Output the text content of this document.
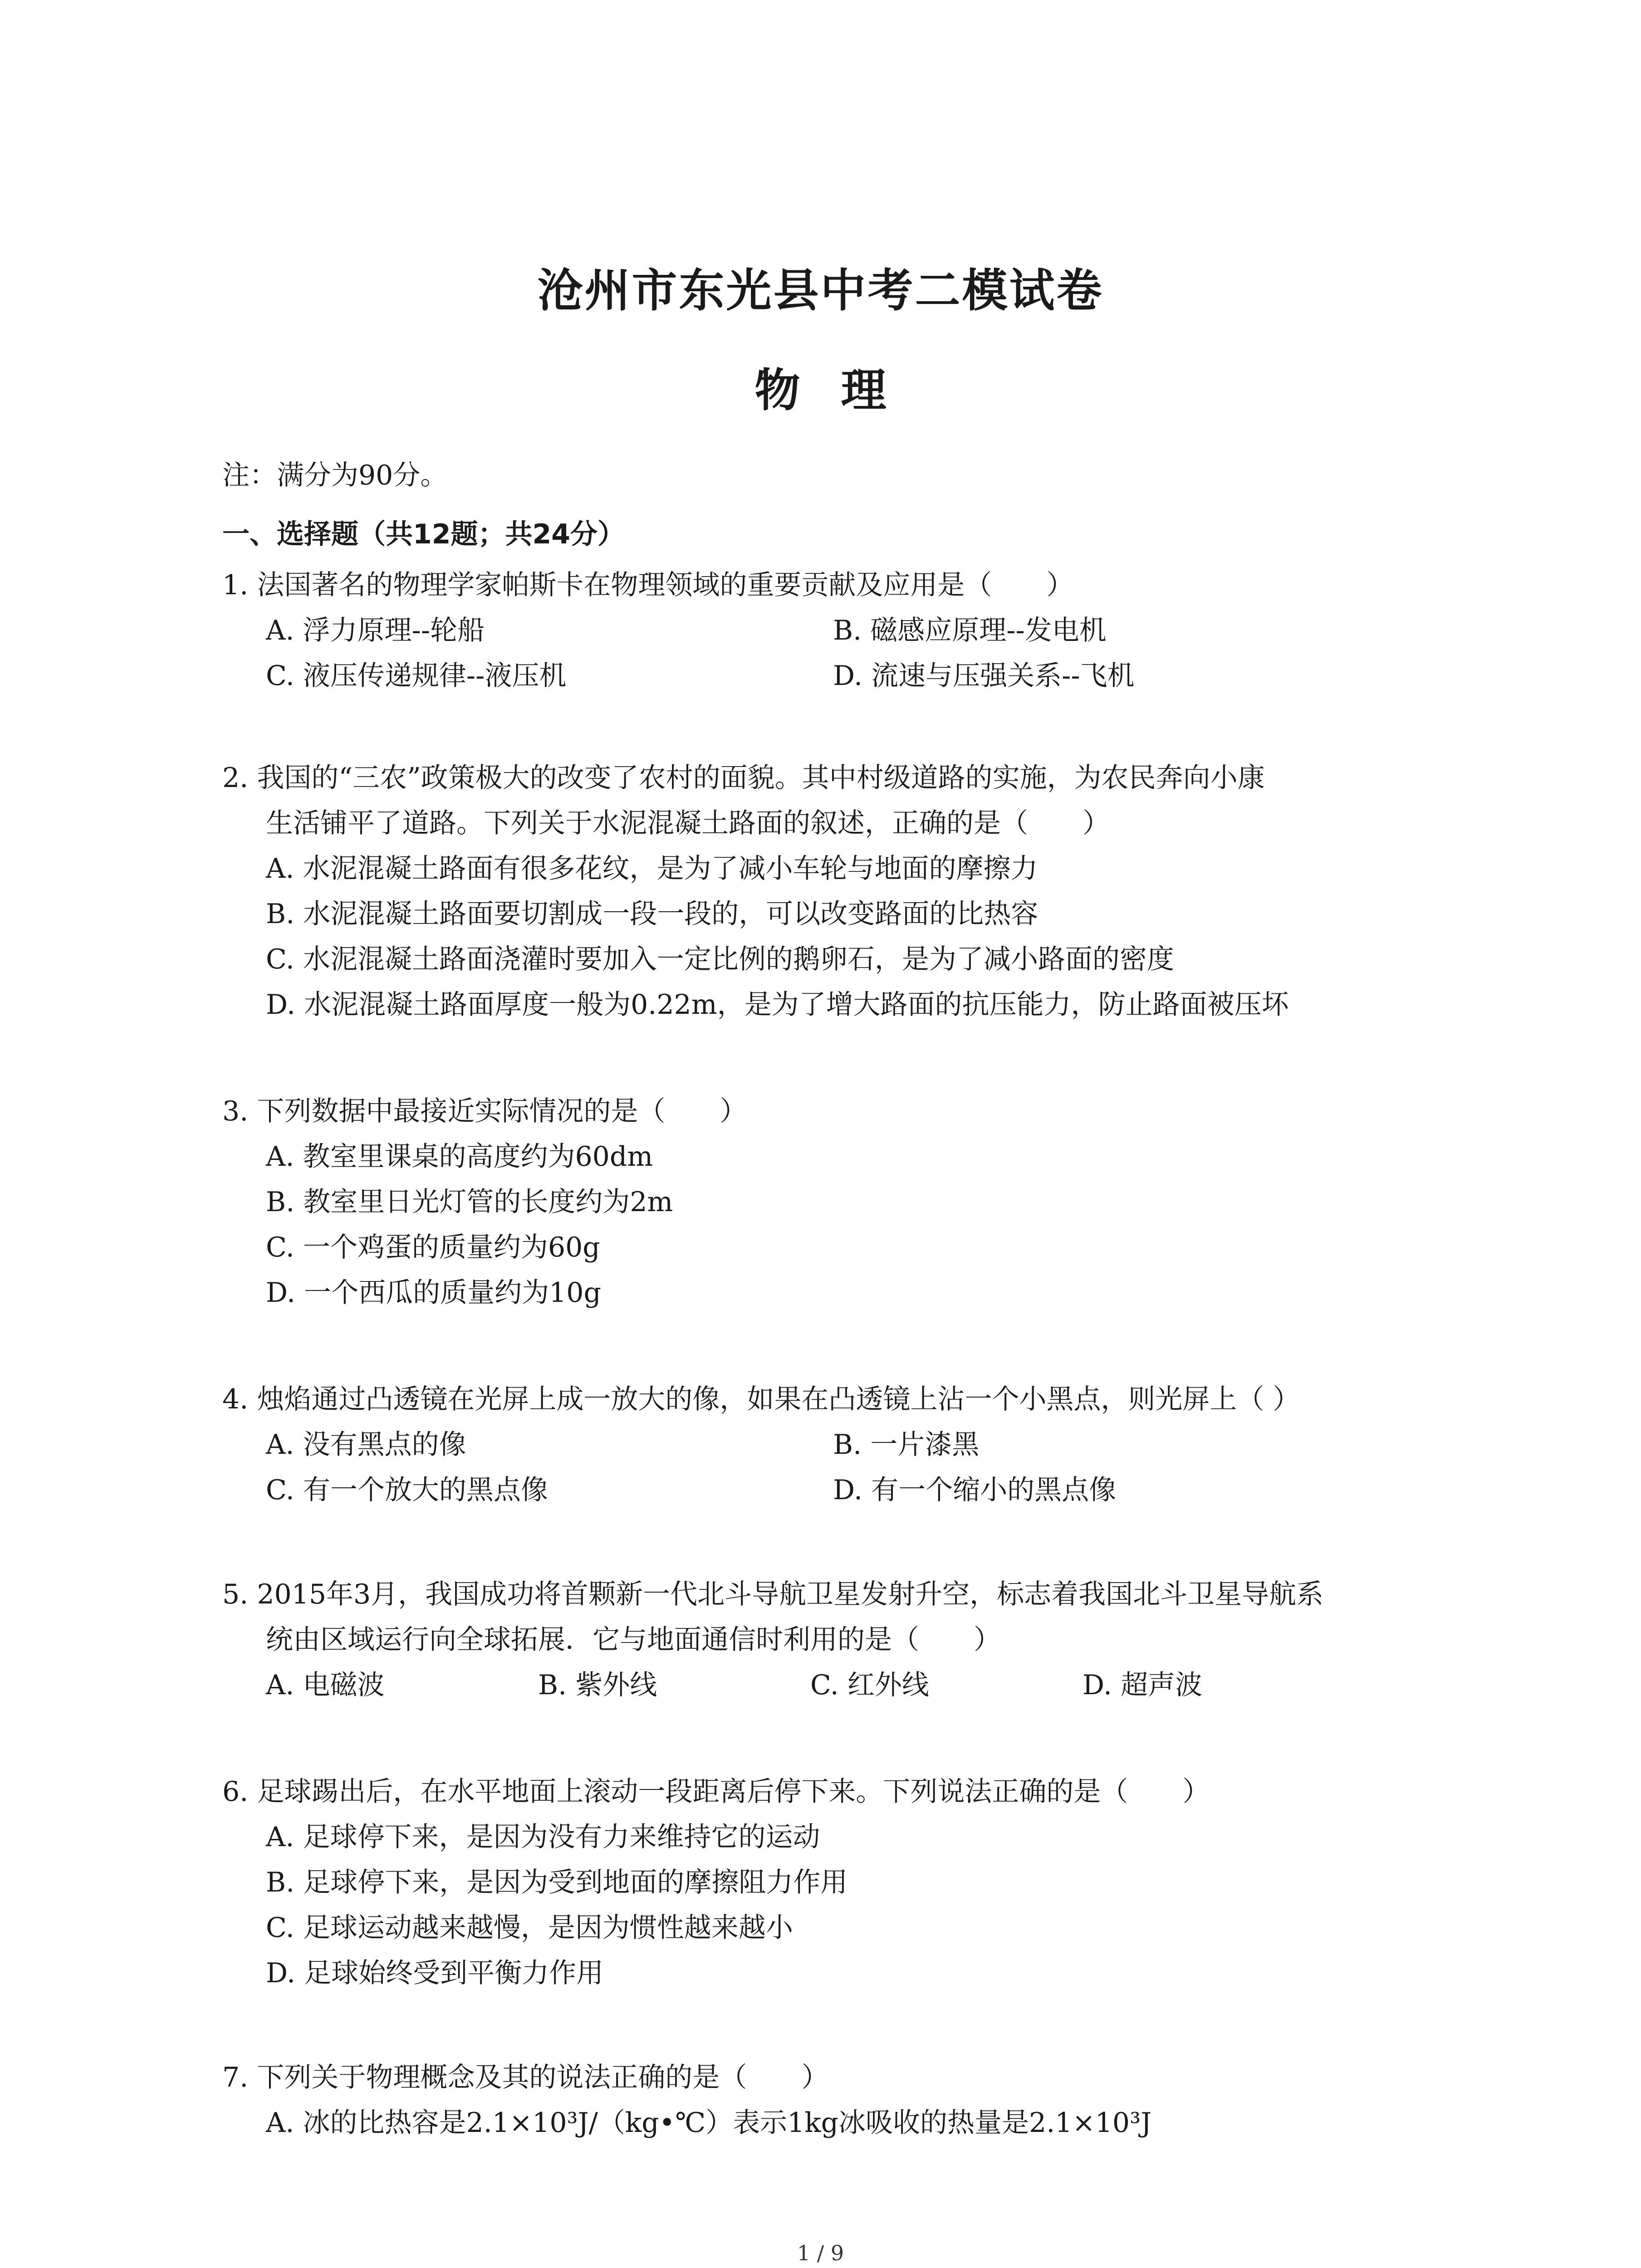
沧州市东光县中考二模试卷
物理
注：满分为90分。
一、选择题（共12题；共24分）
1. 法国著名的物理学家帕斯卡在物理领域的重要贡献及应用是（　　）
A. 浮力原理--轮船	B. 磁感应原理--发电机
C. 液压传递规律--液压机	D. 流速与压强关系--飞机
2. 我国的“三农”政策极大的改变了农村的面貌。其中村级道路的实施，为农民奔向小康
生活铺平了道路。下列关于水泥混凝土路面的叙述，正确的是（　　）
A. 水泥混凝土路面有很多花纹，是为了减小车轮与地面的摩擦力
B. 水泥混凝土路面要切割成一段一段的，可以改变路面的比热容
C. 水泥混凝土路面浇灌时要加入一定比例的鹅卵石，是为了减小路面的密度
D. 水泥混凝土路面厚度一般为0.22m，是为了增大路面的抗压能力，防止路面被压坏
3. 下列数据中最接近实际情况的是（　　）
A. 教室里课桌的高度约为60dm
B. 教室里日光灯管的长度约为2m
C. 一个鸡蛋的质量约为60g
D. 一个西瓜的质量约为10g
4. 烛焰通过凸透镜在光屏上成一放大的像，如果在凸透镜上沾一个小黑点，则光屏上（ ）
A. 没有黑点的像	B. 一片漆黑
C. 有一个放大的黑点像	D. 有一个缩小的黑点像
5. 2015年3月，我国成功将首颗新一代北斗导航卫星发射升空，标志着我国北斗卫星导航系
统由区域运行向全球拓展．它与地面通信时利用的是（　　）
A. 电磁波	B. 紫外线	C. 红外线	D. 超声波
6. 足球踢出后，在水平地面上滚动一段距离后停下来。下列说法正确的是（　　）
A. 足球停下来，是因为没有力来维持它的运动
B. 足球停下来，是因为受到地面的摩擦阻力作用
C. 足球运动越来越慢，是因为惯性越来越小
D. 足球始终受到平衡力作用
7. 下列关于物理概念及其的说法正确的是（　　）
A. 冰的比热容是2.1×10³J/（kg•℃）表示1kg冰吸收的热量是2.1×10³J
1 / 9
